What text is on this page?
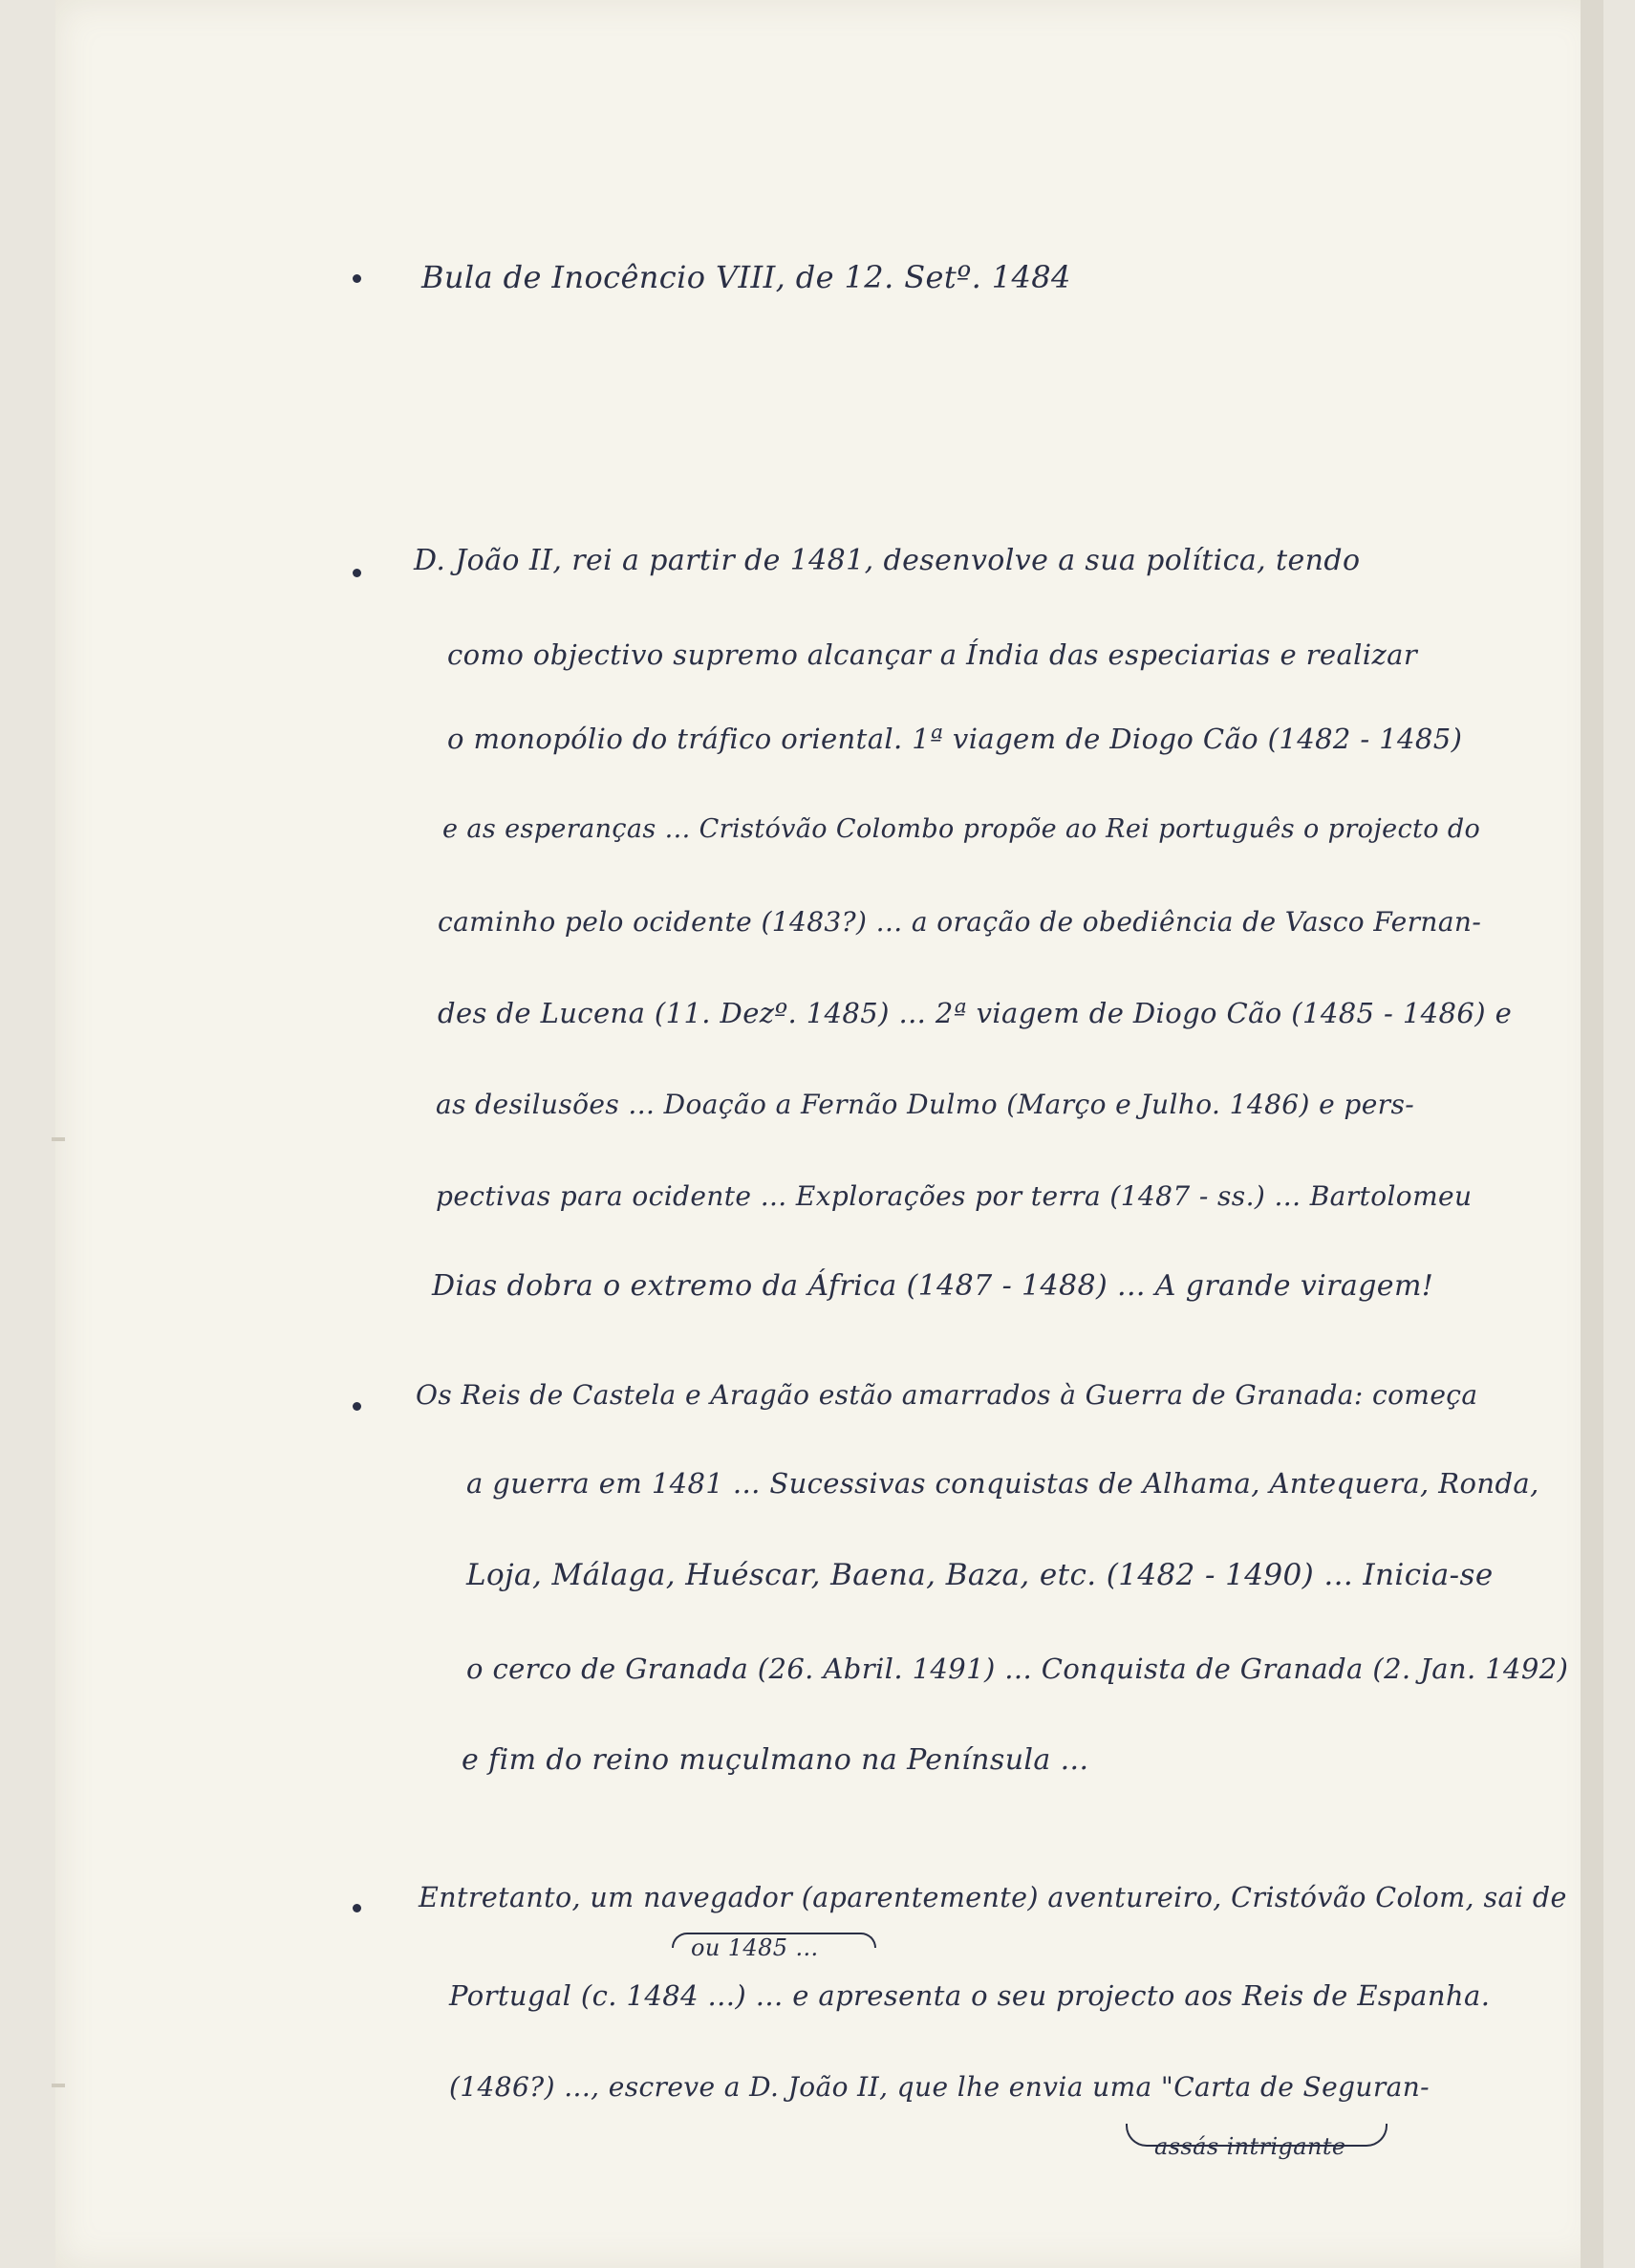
Bula de Inocêncio VIII, de 12. Setº. 1484
D. João II, rei a partir de 1481, desenvolve a sua política, tendo
como objectivo supremo alcançar a Índia das especiarias e realizar
o monopólio do tráfico oriental. 1ª viagem de Diogo Cão (1482 - 1485)
e as esperanças ... Cristóvão Colombo propõe ao Rei português o projecto do
caminho pelo ocidente (1483?) ... a oração de obediência de Vasco Fernan-
des de Lucena (11. Dezº. 1485) ... 2ª viagem de Diogo Cão (1485 - 1486) e
as desilusões ... Doação a Fernão Dulmo (Março e Julho. 1486) e pers-
pectivas para ocidente ... Explorações por terra (1487 - ss.) ... Bartolomeu
Dias dobra o extremo da África (1487 - 1488) ... A grande viragem!
Os Reis de Castela e Aragão estão amarrados à Guerra de Granada: começa
a guerra em 1481 ... Sucessivas conquistas de Alhama, Antequera, Ronda,
Loja, Málaga, Huéscar, Baena, Baza, etc. (1482 - 1490) ... Inicia-se
o cerco de Granada (26. Abril. 1491) ... Conquista de Granada (2. Jan. 1492)
e fim do reino muçulmano na Península ...
Entretanto, um navegador (aparentemente) aventureiro, Cristóvão Colom, sai de
ou 1485 ...
Portugal (c. 1484 ...) ... e apresenta o seu projecto aos Reis de Espanha.
(1486?) ..., escreve a D. João II, que lhe envia uma "Carta de Seguran-
assás intrigante
